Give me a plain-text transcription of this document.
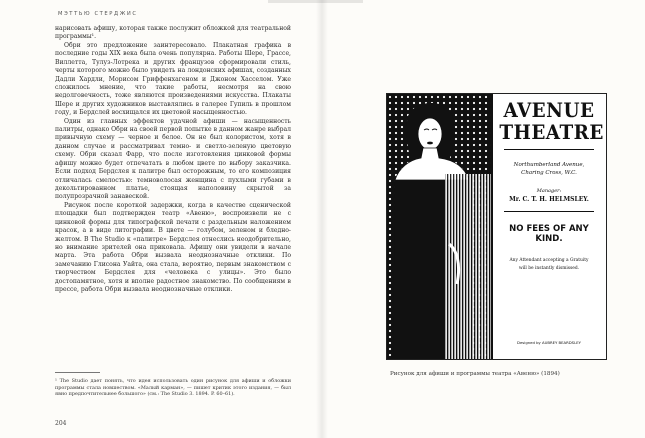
МЭТТЬЮ СТЕРДЖИС

нарисовать афишу, которая также послужит обложкой для театральной программы¹.

Обри это предложение заинтересовало. Плакатная графика в последние годы XIX века была очень популярна. Работы Шере, Грассе, Виллетта, Тулуз-Лотрека и других французов сформировали стиль, черты которого можно было увидеть на лондонских афишах, созданных Дадли Хардли, Морисом Гриффенхагеном и Джоном Хасселом. Уже сложилось мнение, что такие работы, несмотря на свою недолговечность, тоже являются произведениями искусства. Плакаты Шере и других художников выставлялись в галерее Гупиль в прошлом году, и Бердслей восхищался их цветовой насыщенностью.

Один из главных эффектов удачной афиши — насыщенность палитры, однако Обри на своей первой попытке в данном жанре выбрал привычную схему — черное и белое. Он не был колористом, хотя в данном случае и рассматривал темно- и светло-зеленую цветовую схему. Обри сказал Фарр, что после изготовления цинковой формы афишу можно будет отпечатать в любом цвете по выбору заказчика. Если подход Бердслея к палитре был осторожным, то его композиция отличалась смелостью: темноволосая женщина с пухлыми губами в декольтированном платье, стоящая наполовину скрытой за полупрозрачной занавеской.

Рисунок после короткой задержки, когда в качестве сценической площадки был подтвержден театр «Авеню», воспроизвели не с цинковой формы для типографской печати с раздельным наложением красок, а в виде литографии. В цвете — голубом, зеленом и бледно-желтом. В The Studio к «палитре» Бердслея отнеслись неодобрительно, но внимание зрителей она приковала. Афишу они увидели в начале марта. Эта работа Обри вызвала неоднозначные отклики. По замечанию Глисона Уайта, она стала, вероятно, первым знакомством с творчеством Бердслея для «человека с улицы». Это было достопамятное, хотя и вполне радостное знакомство. По сообщениям в прессе, работа Обри вызвала неоднозначные отклики.

¹ The Studio дает понять, что идея использовать один рисунок для афиши и обложки программы стала новшеством. «Малый карман», — пишет критик этого издания, — был явно предпочтительнее большого» (см.: The Studio 3. 1894. P. 60–61).
204
AVENUE
THEATRE
Northumberland Avenue,
Charing Cross, W.C.
Manager:
Mr. C. T. H. HELMSLEY.
NO FEES OF ANY KIND.
Any Attendant accepting a Gratuity
will be instantly dismissed.
Designed by AUBREY BEARDSLEY
Рисунок для афиши и программы театра «Авеню» (1894)
